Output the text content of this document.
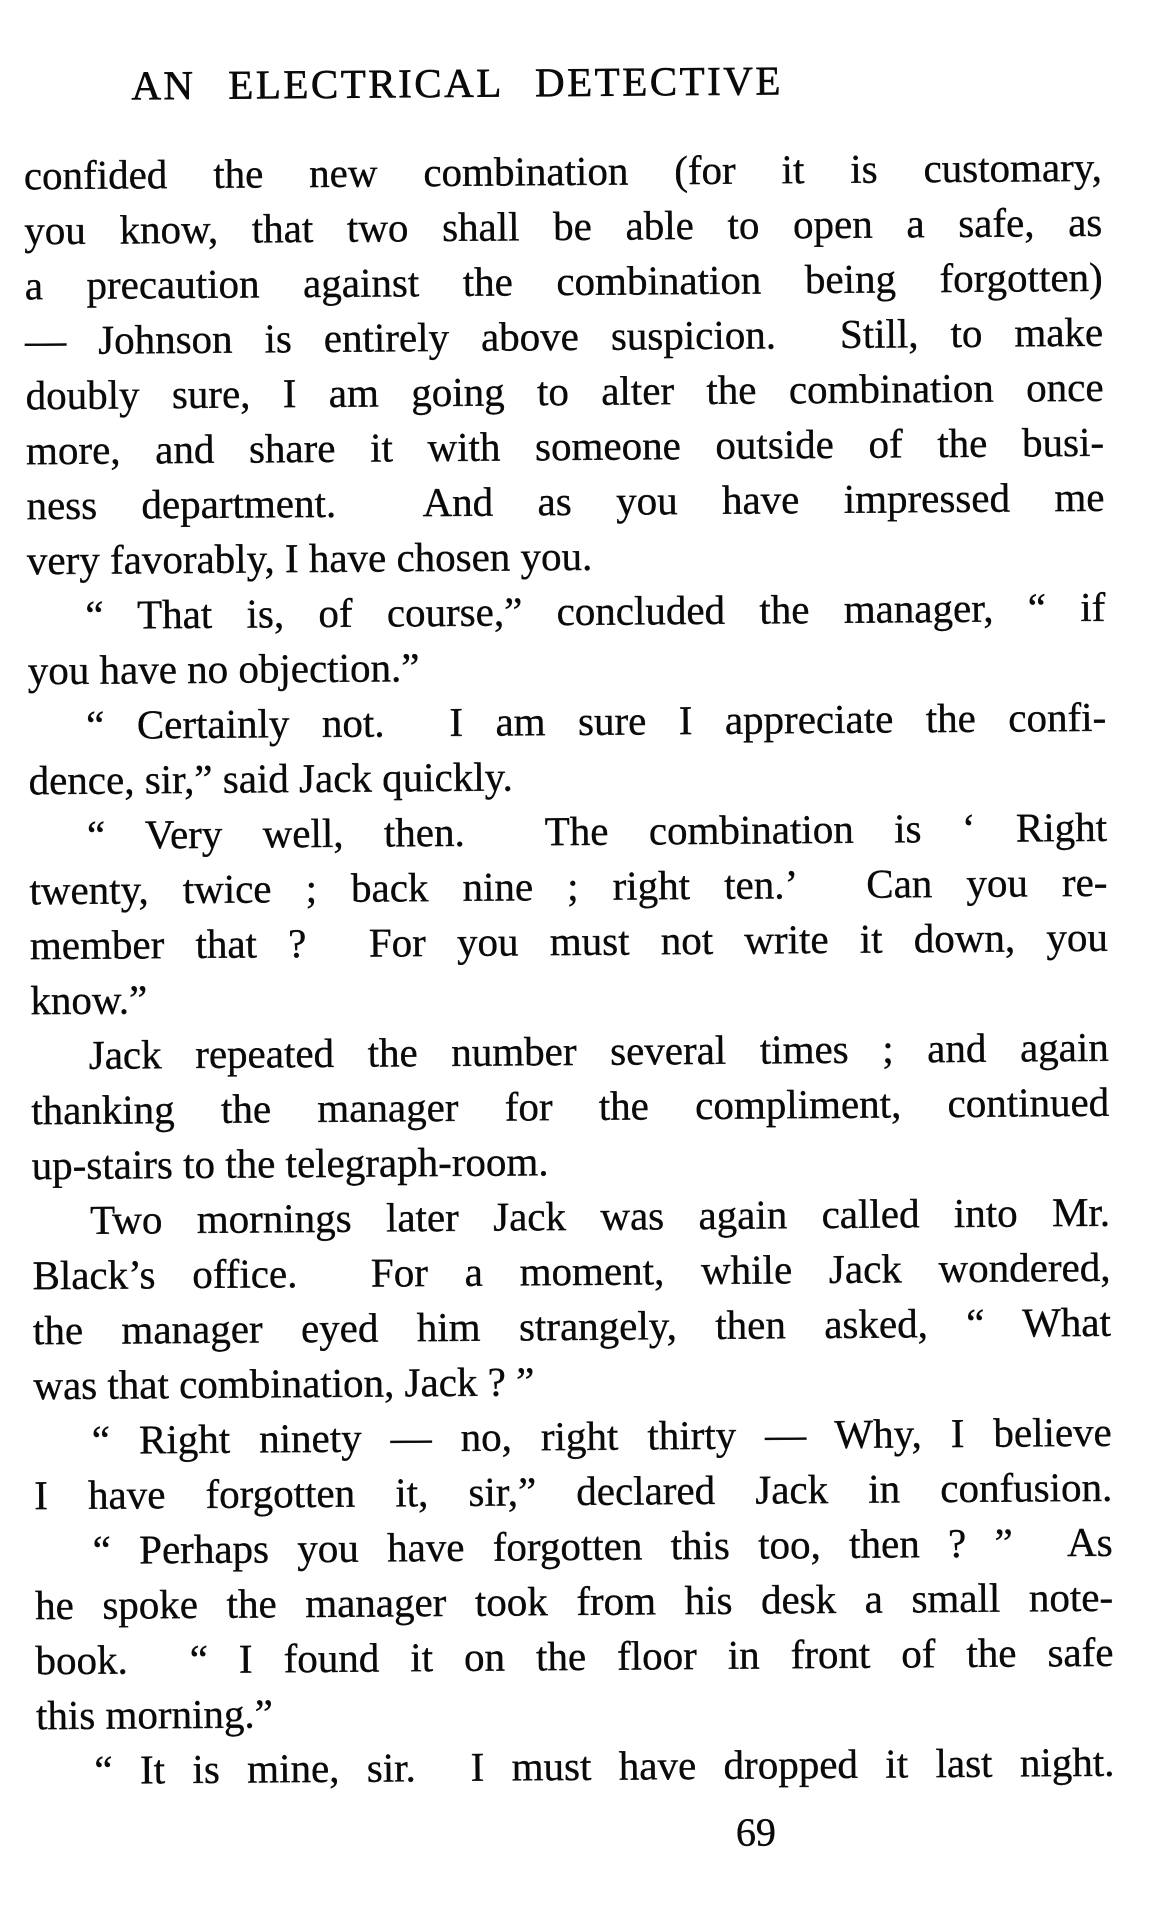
AN ELECTRICAL DETECTIVE
confided the new combination (for it is customary,
you know, that two shall be able to open a safe, as
a precaution against the combination being forgotten)
— Johnson is entirely above suspicion.  Still, to make
doubly sure, I am going to alter the combination once
more, and share it with someone outside of the busi-
ness department.  And as you have impressed me
very favorably, I have chosen you.
“ That is, of course,” concluded the manager, “ if
you have no objection.”
“ Certainly not.  I am sure I appreciate the confi-
dence, sir,” said Jack quickly.
“ Very well, then.  The combination is ‘ Right
twenty, twice ; back nine ; right ten.’  Can you re-
member that ?  For you must not write it down, you
know.”
Jack repeated the number several times ; and again
thanking the manager for the compliment, continued
up-stairs to the telegraph-room.
Two mornings later Jack was again called into Mr.
Black’s office.  For a moment, while Jack wondered,
the manager eyed him strangely, then asked, “ What
was that combination, Jack ? ”
“ Right ninety — no, right thirty — Why, I believe
I have forgotten it, sir,” declared Jack in confusion.
“ Perhaps you have forgotten this too, then ? ”  As
he spoke the manager took from his desk a small note-
book.  “ I found it on the floor in front of the safe
this morning.”
“ It is mine, sir.  I must have dropped it last night.
69
